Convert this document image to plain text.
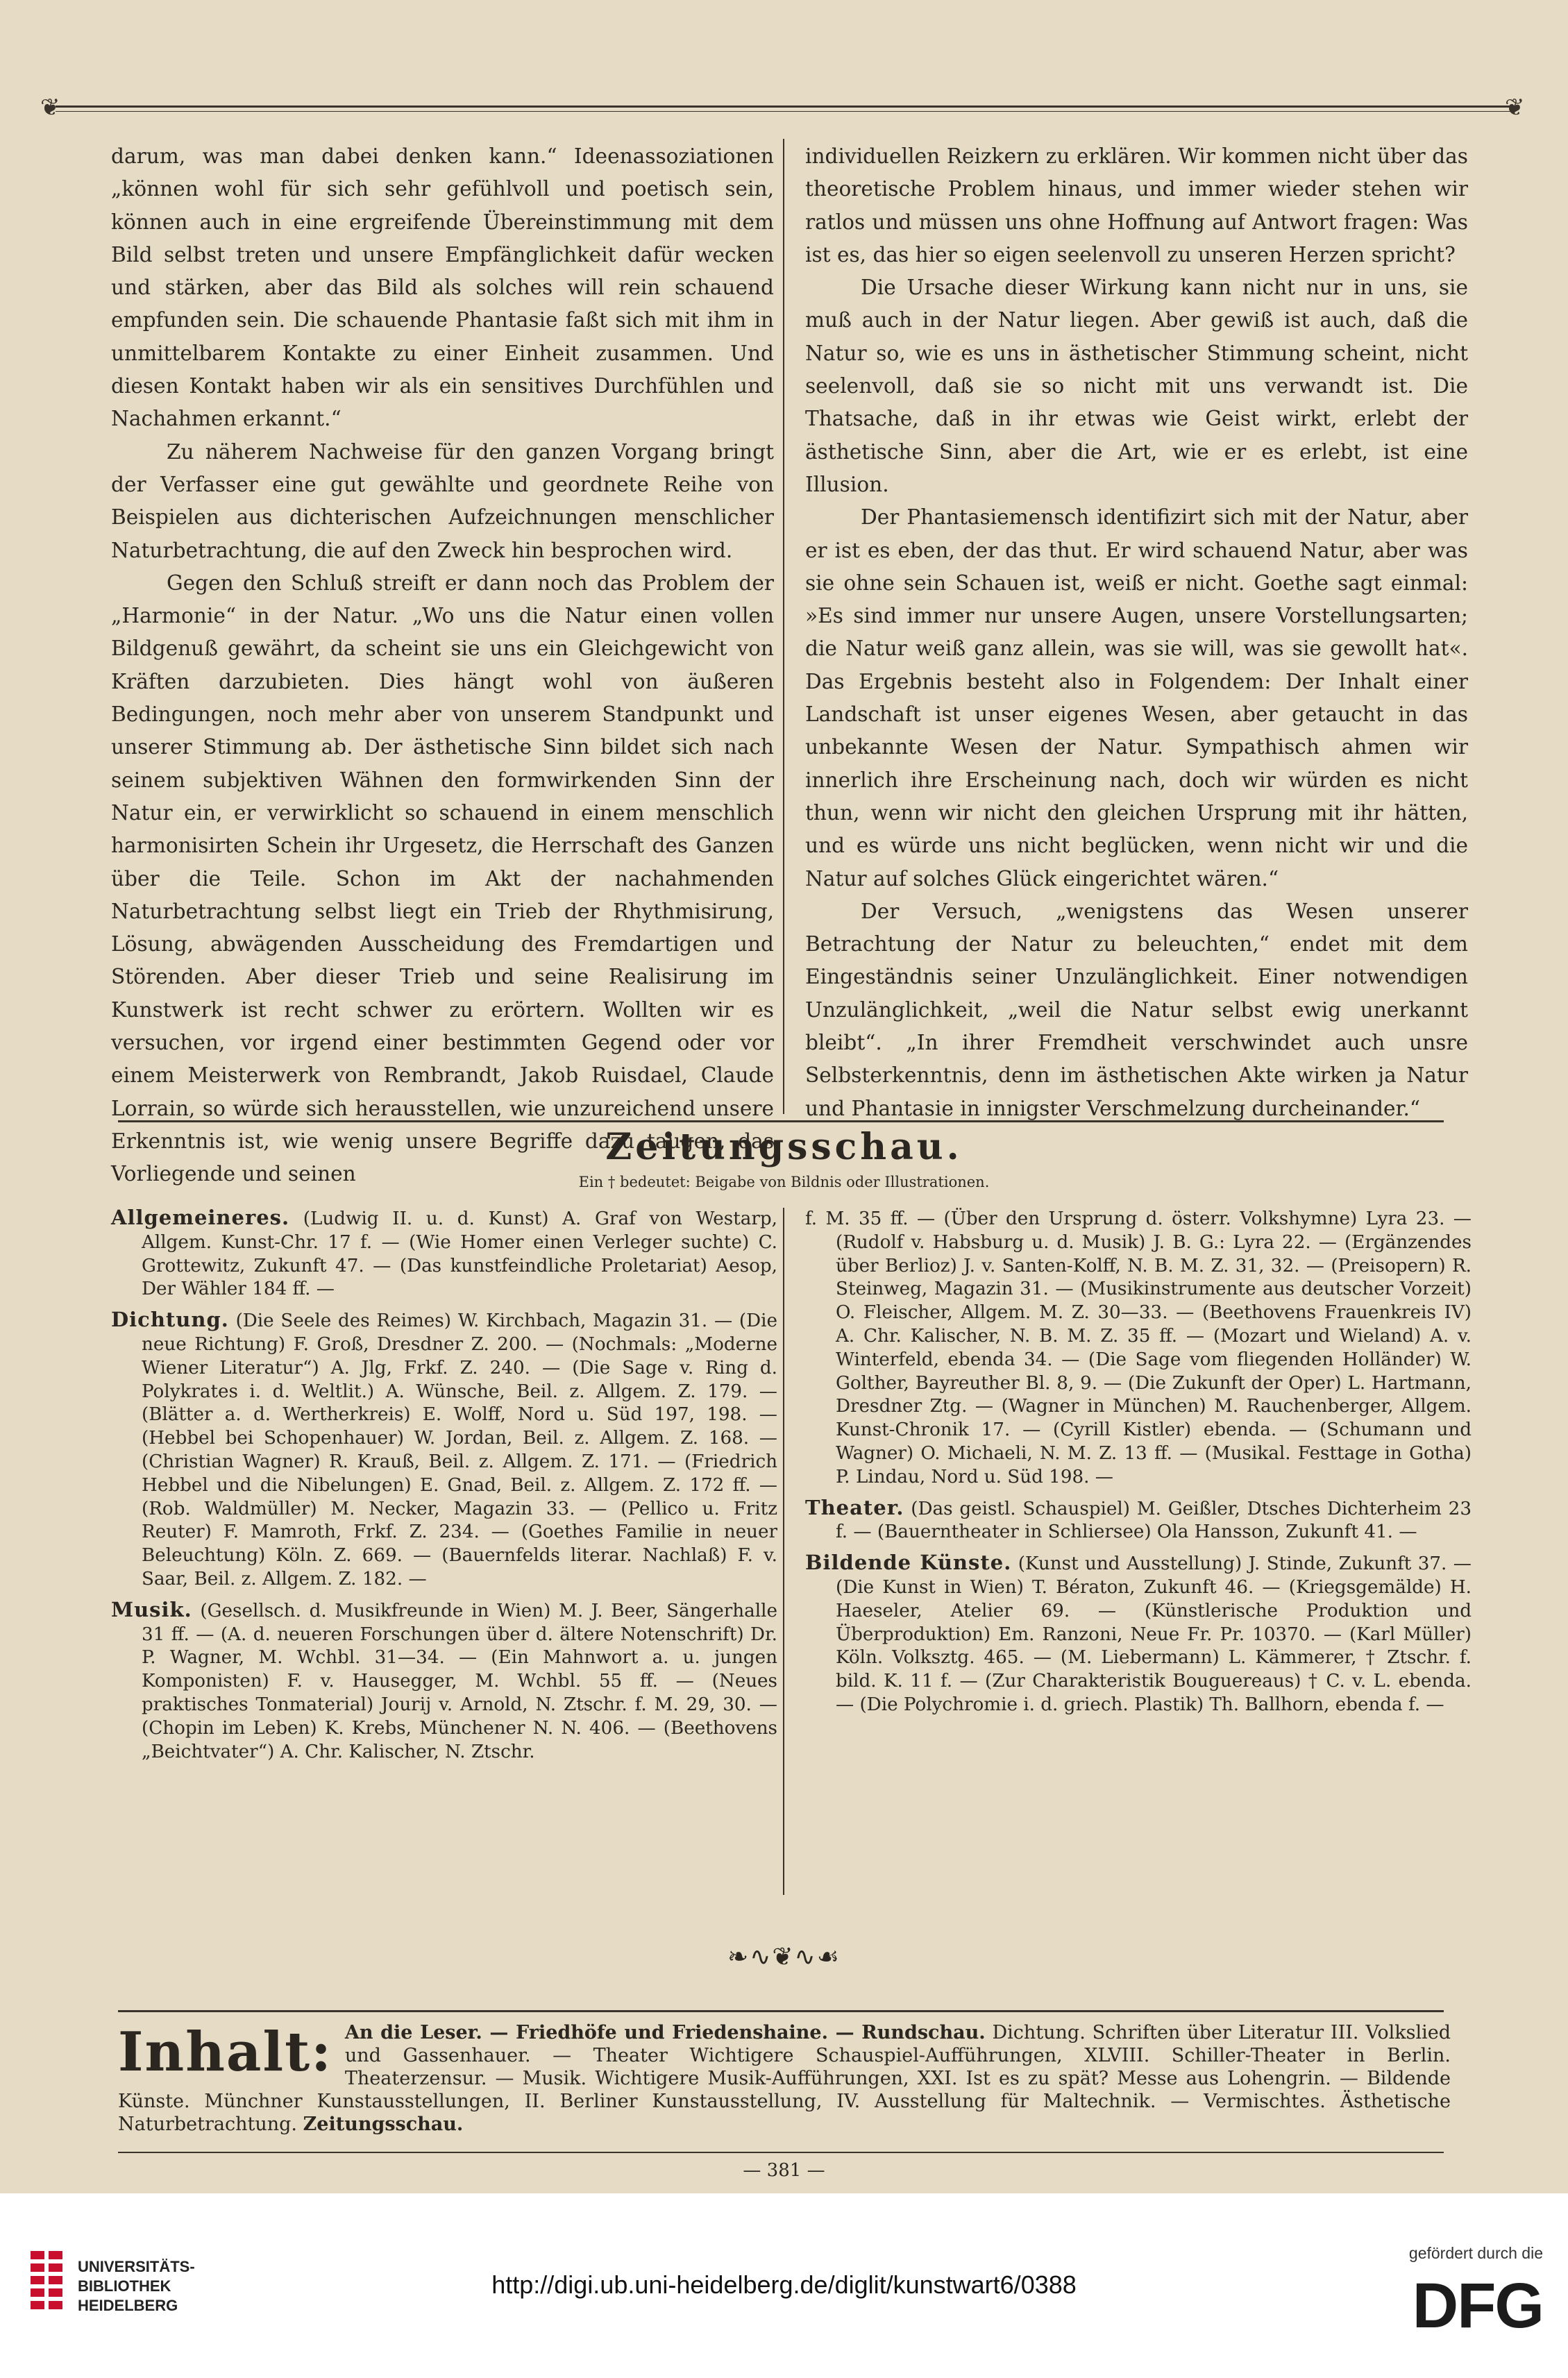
❦	❦

darum, was man dabei denken kann.“ Ideenassoziationen „können wohl für sich sehr gefühlvoll und poetisch sein, können auch in eine ergreifende Übereinstimmung mit dem Bild selbst treten und unsere Empfänglichkeit dafür wecken und stärken, aber das Bild als solches will rein schauend empfunden sein. Die schauende Phantasie faßt sich mit ihm in unmittelbarem Kontakte zu einer Einheit zusammen. Und diesen Kontakt haben wir als ein sensitives Durchfühlen und Nachahmen erkannt.“

Zu näherem Nachweise für den ganzen Vorgang bringt der Verfasser eine gut gewählte und geordnete Reihe von Beispielen aus dichterischen Aufzeichnungen menschlicher Naturbetrachtung, die auf den Zweck hin besprochen wird.

Gegen den Schluß streift er dann noch das Problem der „Harmonie“ in der Natur. „Wo uns die Natur einen vollen Bildgenuß gewährt, da scheint sie uns ein Gleichgewicht von Kräften darzubieten. Dies hängt wohl von äußeren Bedingungen, noch mehr aber von unserem Standpunkt und unserer Stimmung ab. Der ästhetische Sinn bildet sich nach seinem subjektiven Wähnen den formwirkenden Sinn der Natur ein, er verwirklicht so schauend in einem menschlich harmonisirten Schein ihr Urgesetz, die Herrschaft des Ganzen über die Teile. Schon im Akt der nachahmenden Naturbetrachtung selbst liegt ein Trieb der Rhythmisirung, Lösung, abwägenden Ausscheidung des Fremdartigen und Störenden. Aber dieser Trieb und seine Realisirung im Kunstwerk ist recht schwer zu erörtern. Wollten wir es versuchen, vor irgend einer bestimmten Gegend oder vor einem Meisterwerk von Rembrandt, Jakob Ruisdael, Claude Lorrain, so würde sich herausstellen, wie unzureichend unsere Erkenntnis ist, wie wenig unsere Begriffe dazu taugen, das Vorliegende und seinen

individuellen Reizkern zu erklären. Wir kommen nicht über das theoretische Problem hinaus, und immer wieder stehen wir ratlos und müssen uns ohne Hoffnung auf Antwort fragen: Was ist es, das hier so eigen seelenvoll zu unseren Herzen spricht?

Die Ursache dieser Wirkung kann nicht nur in uns, sie muß auch in der Natur liegen. Aber gewiß ist auch, daß die Natur so, wie es uns in ästhetischer Stimmung scheint, nicht seelenvoll, daß sie so nicht mit uns verwandt ist. Die Thatsache, daß in ihr etwas wie Geist wirkt, erlebt der ästhetische Sinn, aber die Art, wie er es erlebt, ist eine Illusion.

Der Phantasiemensch identifizirt sich mit der Natur, aber er ist es eben, der das thut. Er wird schauend Natur, aber was sie ohne sein Schauen ist, weiß er nicht. Goethe sagt einmal: »Es sind immer nur unsere Augen, unsere Vorstellungsarten; die Natur weiß ganz allein, was sie will, was sie gewollt hat«. Das Ergebnis besteht also in Folgendem: Der Inhalt einer Landschaft ist unser eigenes Wesen, aber getaucht in das unbekannte Wesen der Natur. Sympathisch ahmen wir innerlich ihre Erscheinung nach, doch wir würden es nicht thun, wenn wir nicht den gleichen Ursprung mit ihr hätten, und es würde uns nicht beglücken, wenn nicht wir und die Natur auf solches Glück eingerichtet wären.“

Der Versuch, „wenigstens das Wesen unserer Betrachtung der Natur zu beleuchten,“ endet mit dem Eingeständnis seiner Unzulänglichkeit. Einer notwendigen Unzulänglichkeit, „weil die Natur selbst ewig unerkannt bleibt“. „In ihrer Fremdheit verschwindet auch unsre Selbsterkenntnis, denn im ästhetischen Akte wirken ja Natur und Phantasie in innigster Verschmelzung durcheinander.“

Zeitungsschau.
Ein † bedeutet: Beigabe von Bildnis oder Illustrationen.

Allgemeineres. (Ludwig II. u. d. Kunst) A. Graf von Westarp, Allgem. Kunst-Chr. 17 f. — (Wie Homer einen Verleger suchte) C. Grottewitz, Zukunft 47. — (Das kunstfeindliche Proletariat) Aesop, Der Wähler 184 ff. —

Dichtung. (Die Seele des Reimes) W. Kirchbach, Magazin 31. — (Die neue Richtung) F. Groß, Dresdner Z. 200. — (Nochmals: „Moderne Wiener Literatur“) A. Jlg, Frkf. Z. 240. — (Die Sage v. Ring d. Polykrates i. d. Weltlit.) A. Wünsche, Beil. z. Allgem. Z. 179. — (Blätter a. d. Wertherkreis) E. Wolff, Nord u. Süd 197, 198. — (Hebbel bei Schopenhauer) W. Jordan, Beil. z. Allgem. Z. 168. — (Christian Wagner) R. Krauß, Beil. z. Allgem. Z. 171. — (Friedrich Hebbel und die Nibelungen) E. Gnad, Beil. z. Allgem. Z. 172 ff. — (Rob. Waldmüller) M. Necker, Magazin 33. — (Pellico u. Fritz Reuter) F. Mamroth, Frkf. Z. 234. — (Goethes Familie in neuer Beleuchtung) Köln. Z. 669. — (Bauernfelds literar. Nachlaß) F. v. Saar, Beil. z. Allgem. Z. 182. —

Musik. (Gesellsch. d. Musikfreunde in Wien) M. J. Beer, Sängerhalle 31 ff. — (A. d. neueren Forschungen über d. ältere Notenschrift) Dr. P. Wagner, M. Wchbl. 31—34. — (Ein Mahnwort a. u. jungen Komponisten) F. v. Hausegger, M. Wchbl. 55 ff. — (Neues praktisches Tonmaterial) Jourij v. Arnold, N. Ztschr. f. M. 29, 30. — (Chopin im Leben) K. Krebs, Münchener N. N. 406. — (Beethovens „Beichtvater“) A. Chr. Kalischer, N. Ztschr.

f. M. 35 ff. — (Über den Ursprung d. österr. Volkshymne) Lyra 23. — (Rudolf v. Habsburg u. d. Musik) J. B. G.: Lyra 22. — (Ergänzendes über Berlioz) J. v. Santen-Kolff, N. B. M. Z. 31, 32. — (Preisopern) R. Steinweg, Magazin 31. — (Musikinstrumente aus deutscher Vorzeit) O. Fleischer, Allgem. M. Z. 30—33. — (Beethovens Frauenkreis IV) A. Chr. Kalischer, N. B. M. Z. 35 ff. — (Mozart und Wieland) A. v. Winterfeld, ebenda 34. — (Die Sage vom fliegenden Holländer) W. Golther, Bayreuther Bl. 8, 9. — (Die Zukunft der Oper) L. Hartmann, Dresdner Ztg. — (Wagner in München) M. Rauchenberger, Allgem. Kunst-Chronik 17. — (Cyrill Kistler) ebenda. — (Schumann und Wagner) O. Michaeli, N. M. Z. 13 ff. — (Musikal. Festtage in Gotha) P. Lindau, Nord u. Süd 198. —

Theater. (Das geistl. Schauspiel) M. Geißler, Dtsches Dichterheim 23 f. — (Bauerntheater in Schliersee) Ola Hansson, Zukunft 41. —

Bildende Künste. (Kunst und Ausstellung) J. Stinde, Zukunft 37. — (Die Kunst in Wien) T. Bératon, Zukunft 46. — (Kriegsgemälde) H. Haeseler, Atelier 69. — (Künstlerische Produktion und Überproduktion) Em. Ranzoni, Neue Fr. Pr. 10370. — (Karl Müller) Köln. Volksztg. 465. — (M. Liebermann) L. Kämmerer, † Ztschr. f. bild. K. 11 f. — (Zur Charakteristik Bouguereaus) † C. v. L. ebenda. — (Die Polychromie i. d. griech. Plastik) Th. Ballhorn, ebenda f. —

❧∿❦∿☙
Inhalt: An die Leser. — Friedhöfe und Friedenshaine. — Rundschau. Dichtung. Schriften über Literatur III. Volkslied und Gassenhauer. — Theater Wichtigere Schauspiel-Aufführungen, XLVIII. Schiller-Theater in Berlin. Theaterzensur. — Musik. Wichtigere Musik-Aufführungen, XXI. Ist es zu spät? Messe aus Lohengrin. — Bildende Künste. Münchner Kunstausstellungen, II. Berliner Kunstausstellung, IV. Ausstellung für Maltechnik. — Vermischtes. Ästhetische Naturbetrachtung. Zeitungsschau.
— 381 —
UNIVERSITÄTS-
BIBLIOTHEK
HEIDELBERG
http://digi.ub.uni-heidelberg.de/diglit/kunstwart6/0388
gefördert durch die
DFG
